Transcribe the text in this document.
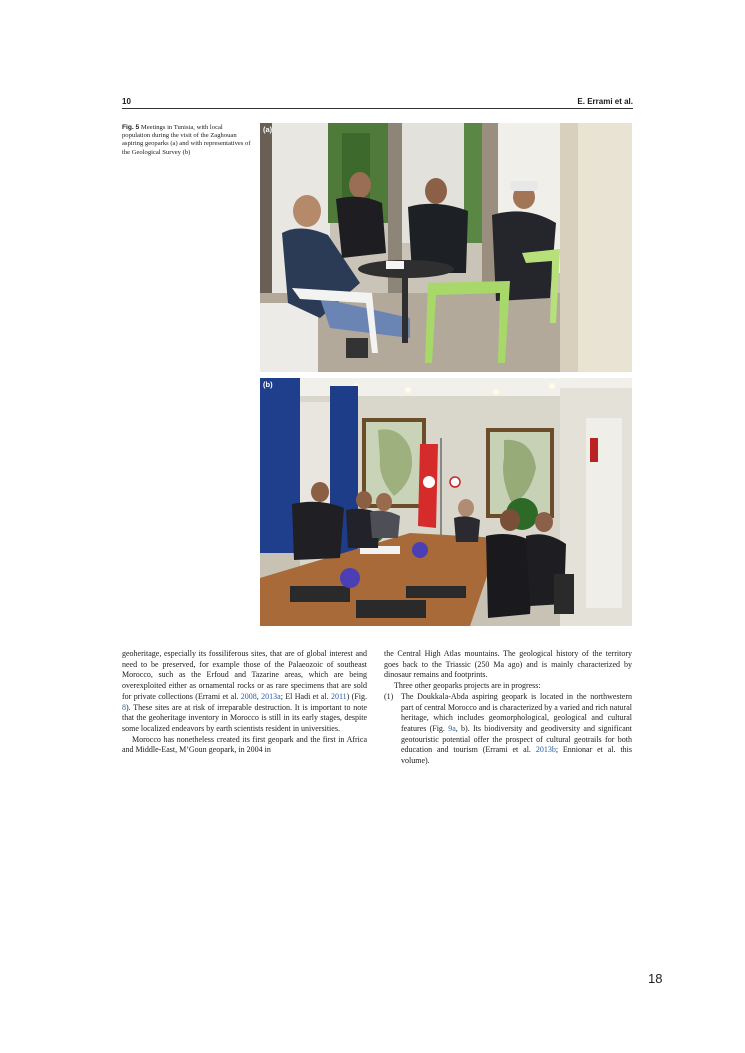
10	E. Errami et al.
Fig. 5 Meetings in Tunisia, with local population during the visit of the Zaghouan aspiring geoparks (a) and with representatives of the Geological Survey (b)
(a)
(b)

geoheritage, especially its fossiliferous sites, that are of global interest and need to be preserved, for example those of the Palaeozoic of southeast Morocco, such as the Erfoud and Tazarine areas, which are being overexploited either as ornamental rocks or as rare specimens that are sold for private collections (Errami et al. 2008, 2013a; El Hadi et al. 2011) (Fig. 8). These sites are at risk of irreparable destruction. It is important to note that the geoheritage inventory in Morocco is still in its early stages, despite some localized endeavors by earth scientists resident in universities.

Morocco has nonetheless created its first geopark and the first in Africa and Middle-East, M’Goun geopark, in 2004 in

the Central High Atlas mountains. The geological history of the territory goes back to the Triassic (250 Ma ago) and is mainly characterized by dinosaur remains and footprints.

Three other geoparks projects are in progress:

(1) The Doukkala-Abda aspiring geopark is located in the northwestern part of central Morocco and is characterized by a varied and rich natural heritage, which includes geomorphological, geological and cultural features (Fig. 9a, b). Its biodiversity and geodiversity and significant geotouristic potential offer the prospect of cultural geotrails for both education and tourism (Errami et al. 2013b; Ennionar et al. this volume).

18
